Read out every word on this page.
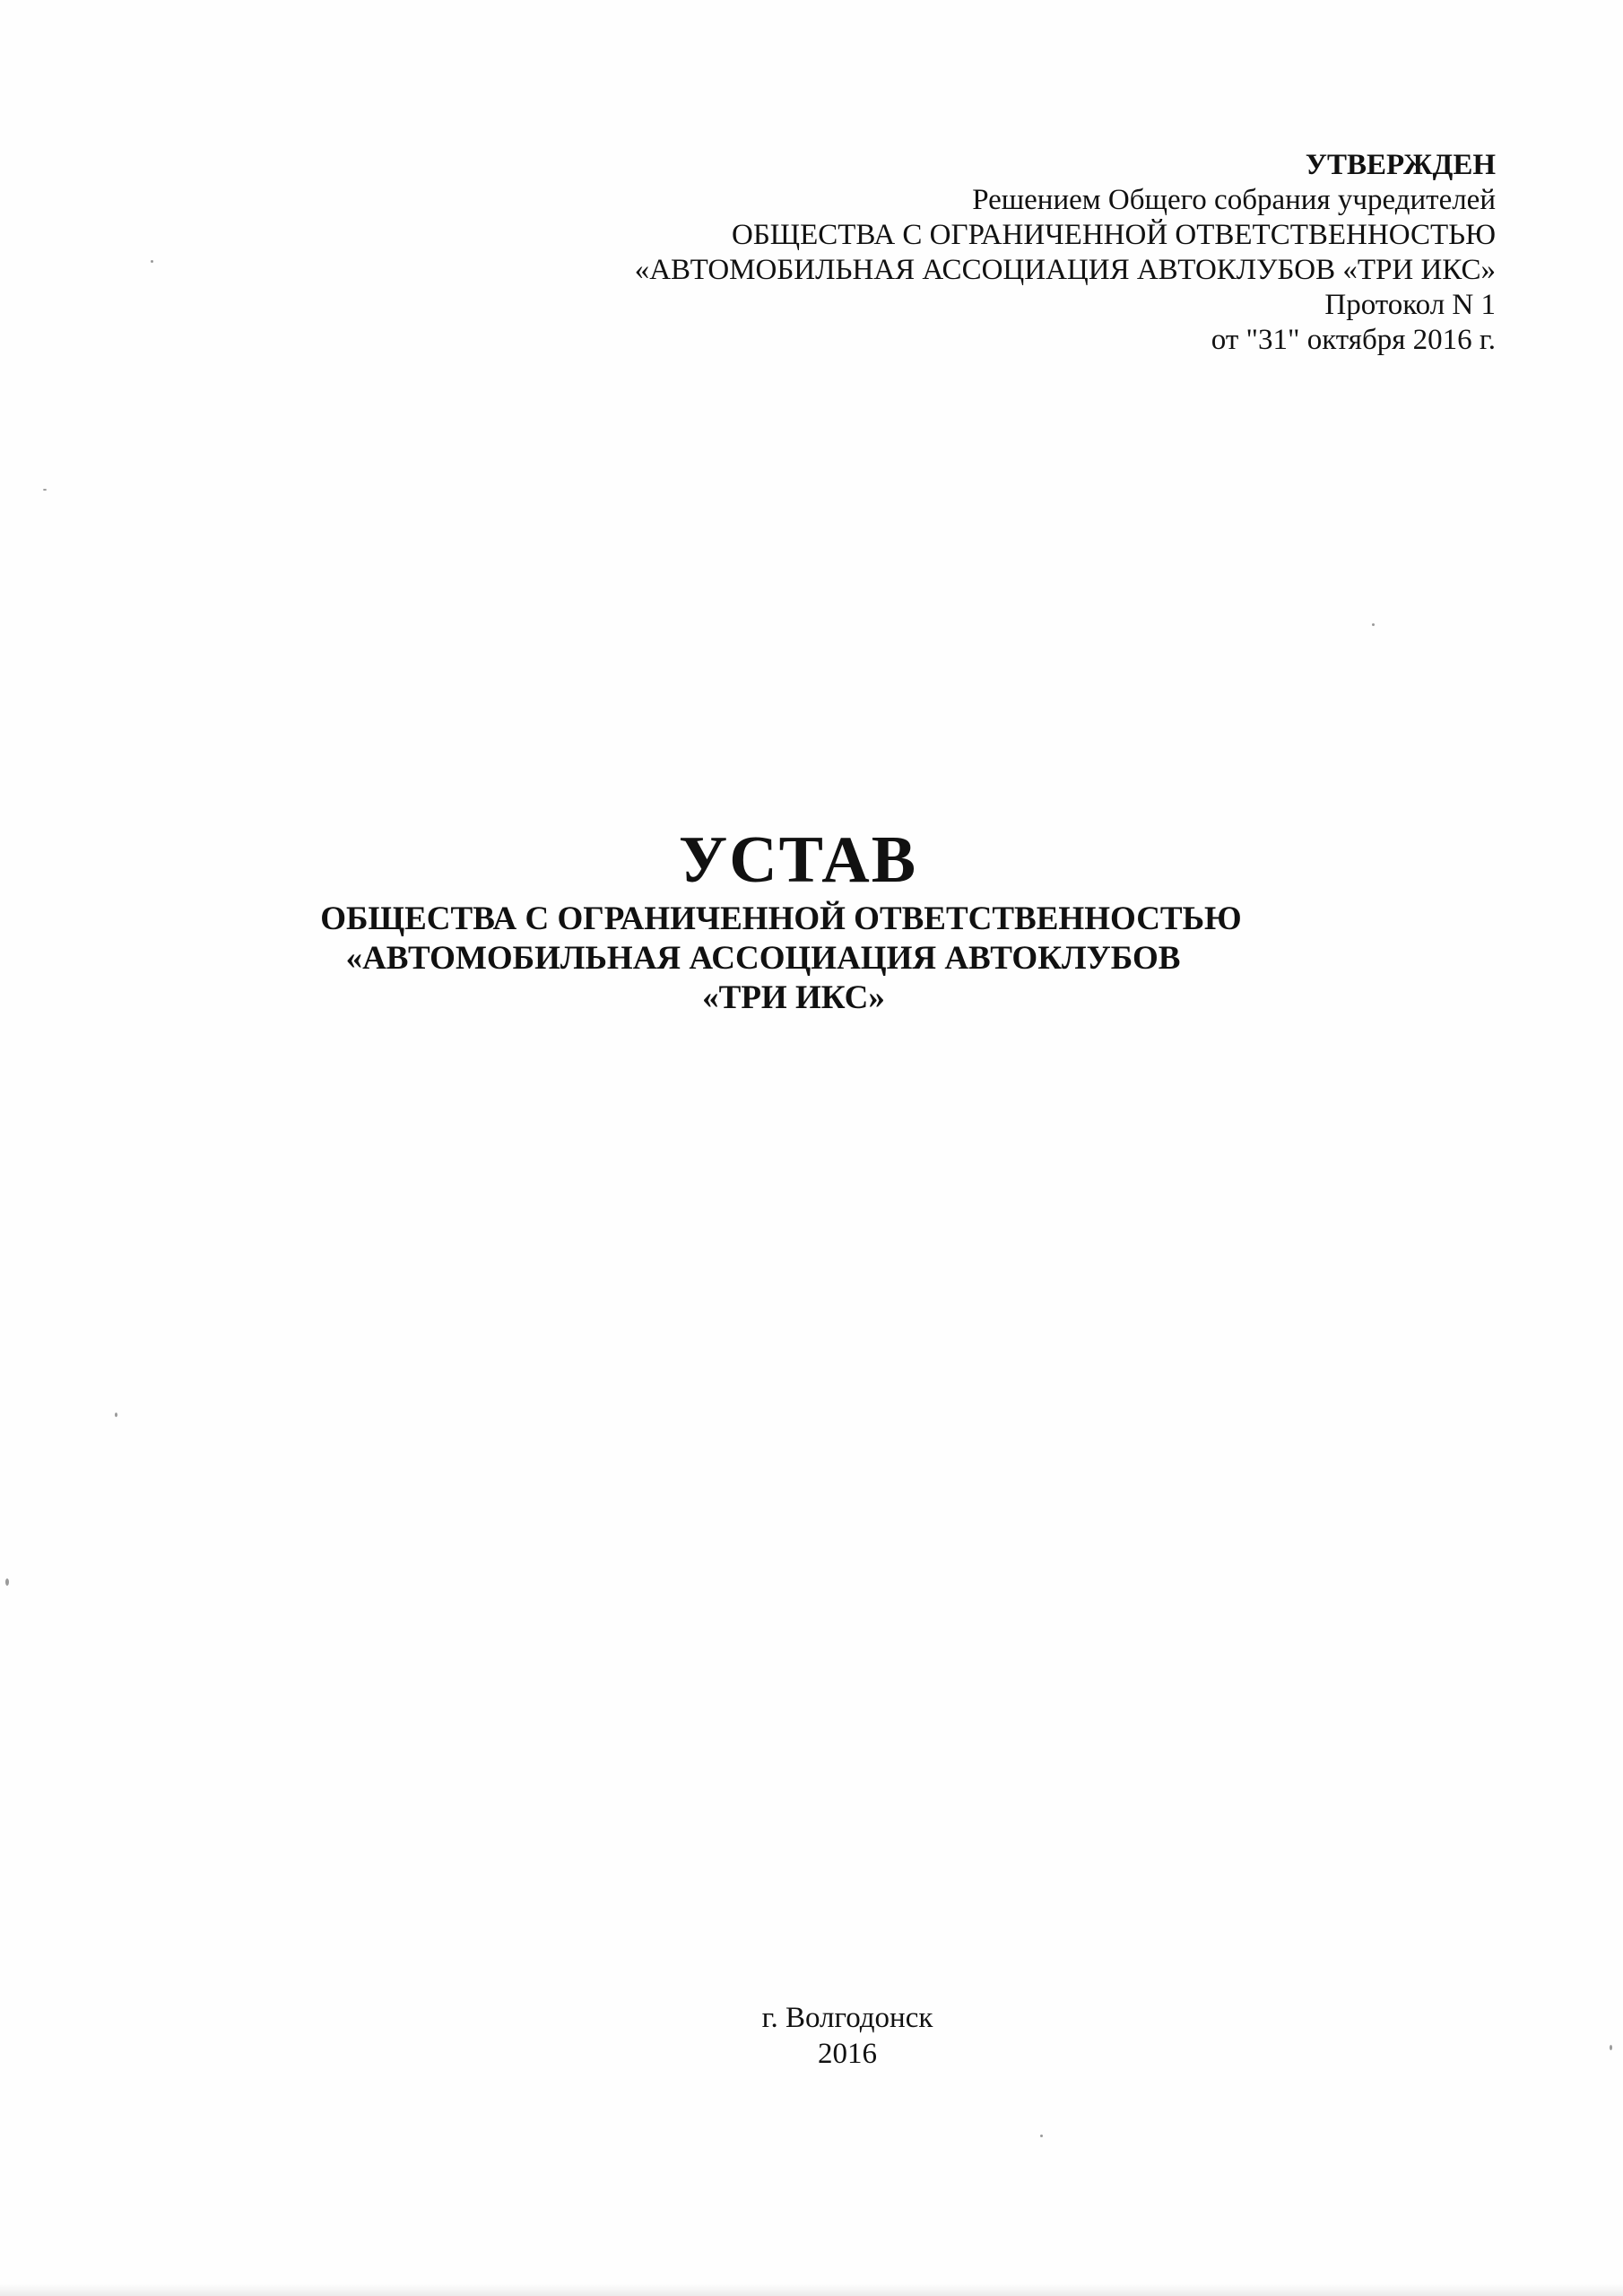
УТВЕРЖДЕН
Решением Общего собрания учредителей
ОБЩЕСТВА С ОГРАНИЧЕННОЙ ОТВЕТСТВЕННОСТЬЮ
«АВТОМОБИЛЬНАЯ АССОЦИАЦИЯ АВТОКЛУБОВ «ТРИ ИКС»
Протокол N 1
от "31" октября 2016 г.
УСТАВ
ОБЩЕСТВА С ОГРАНИЧЕННОЙ ОТВЕТСТВЕННОСТЬЮ
«АВТОМОБИЛЬНАЯ АССОЦИАЦИЯ АВТОКЛУБОВ
«ТРИ ИКС»
г. Волгодонск
2016
